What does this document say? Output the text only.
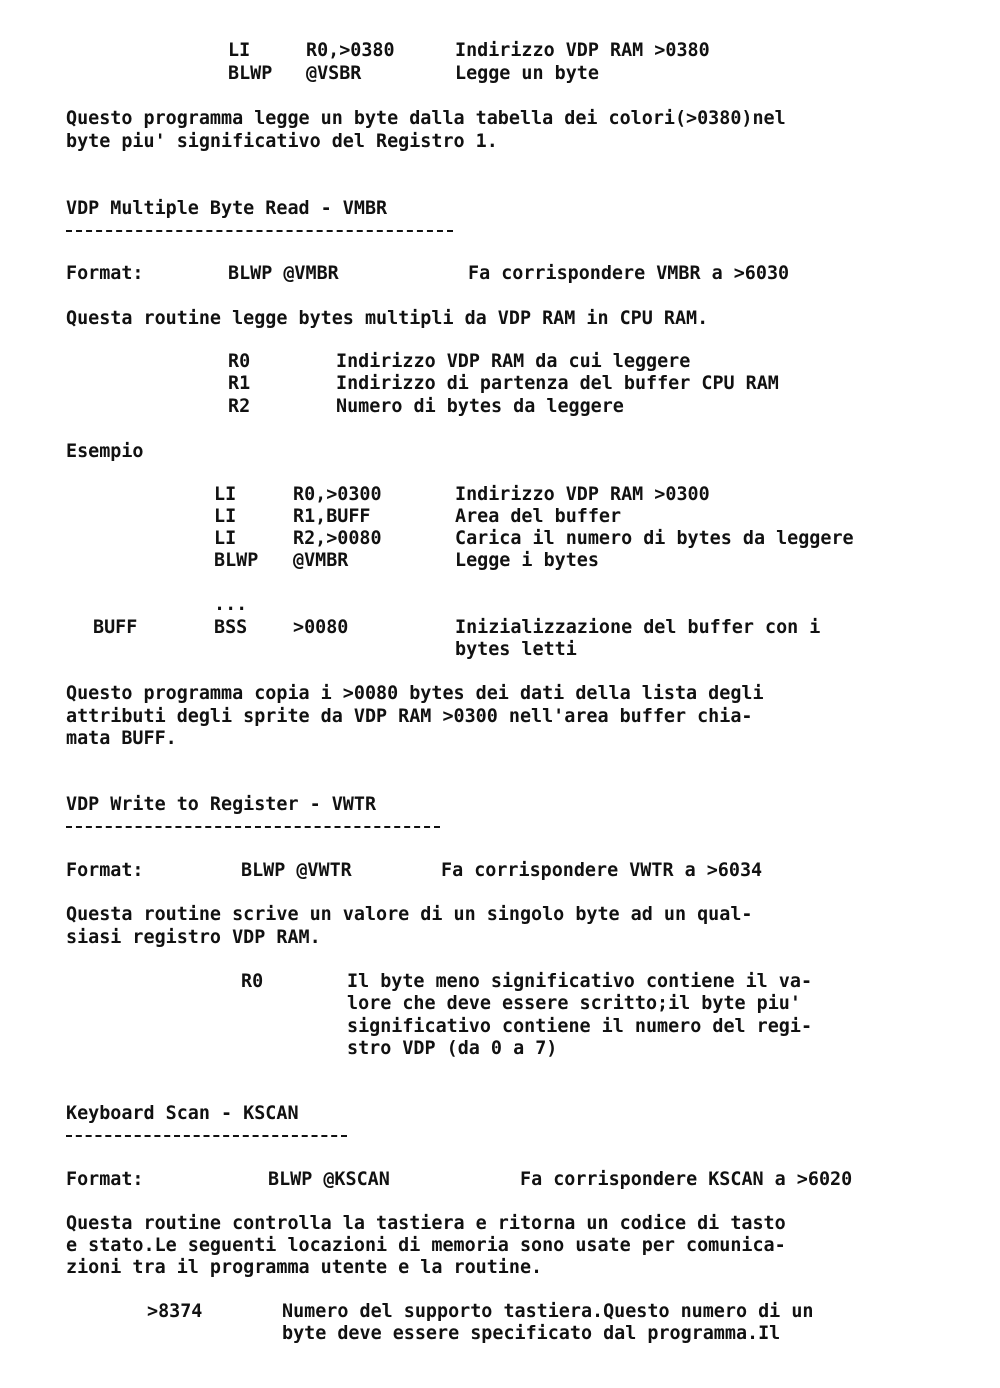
LI	R0,>0380	Indirizzo VDP RAM >0380
BLWP @VSBR	Legge un byte
Questo programma legge un byte dalla tabella dei colori(>0380)nel
byte piu' significativo del Registro 1.
VDP Multiple Byte Read - VMBR
Format:	BLWP @VMBR	Fa corrispondere VMBR a >6030
Questa routine legge bytes multipli da VDP RAM in CPU RAM.
R0	Indirizzo VDP RAM da cui leggere
R1	Indirizzo di partenza del buffer CPU RAM
R2	Numero di bytes da leggere
Esempio
LI	R0,>0300	Indirizzo VDP RAM >0300
LI	R1,BUFF	Area del buffer
LI	R2,>0080	Carica il numero di bytes da leggere
BLWP @VMBR	Legge i bytes
...
BUFF	BSS >0080	Inizializzazione del buffer con i
bytes letti
Questo programma copia i >0080 bytes dei dati della lista degli
attributi degli sprite da VDP RAM >0300 nell'area buffer chia-
mata BUFF.
VDP Write to Register - VWTR
Format:	BLWP @VWTR	Fa corrispondere VWTR a >6034
Questa routine scrive un valore di un singolo byte ad un qual-
siasi registro VDP RAM.
R0	Il byte meno significativo contiene il va-
lore che deve essere scritto;il byte piu'
significativo contiene il numero del regi-
stro VDP (da 0 a 7)
Keyboard Scan - KSCAN
Format:	BLWP @KSCAN	Fa corrispondere KSCAN a >6020
Questa routine controlla la tastiera e ritorna un codice di tasto
e stato.Le seguenti locazioni di memoria sono usate per comunica-
zioni tra il programma utente e la routine.
>8374	Numero del supporto tastiera.Questo numero di un
byte deve essere specificato dal programma.Il
